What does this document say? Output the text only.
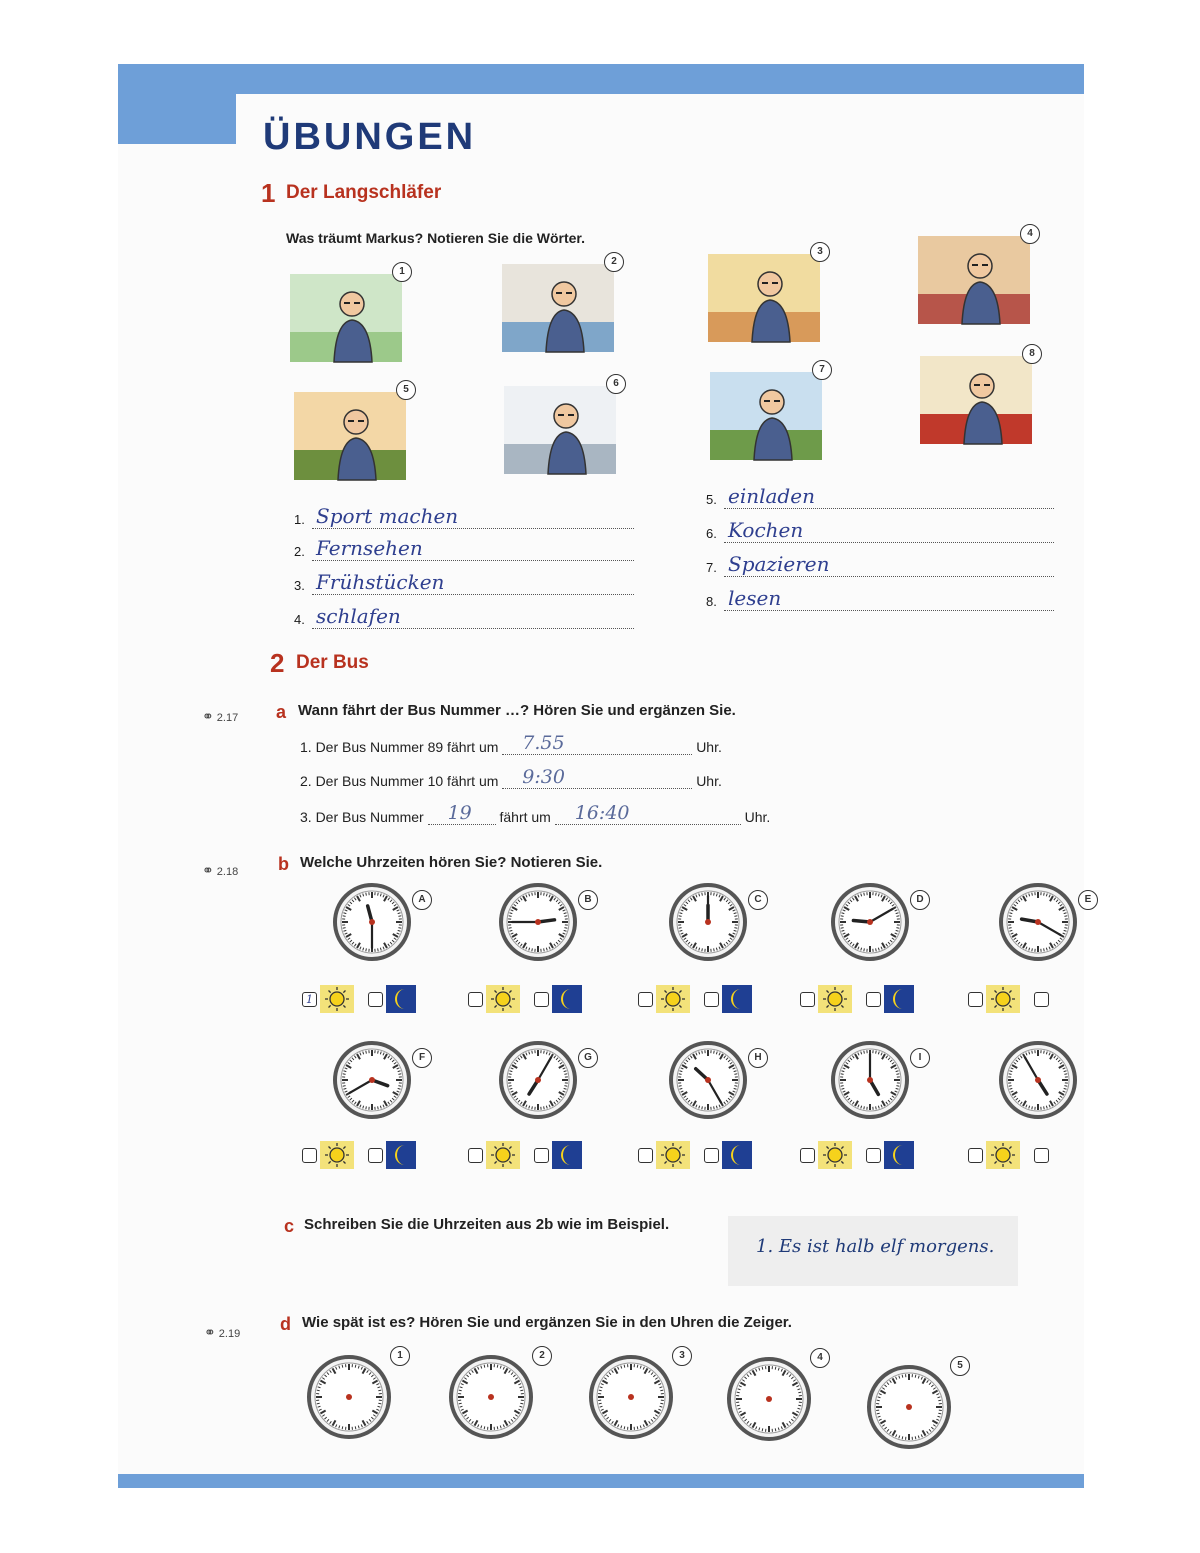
ÜBUNGEN
1 Der Langschläfer
Was träumt Markus? Notieren Sie die Wörter.
1
2
3
4
5
6
7
8
1. Sport machen
2. Fernsehen
3. Frühstücken
4. schlafen
5. einladen
6. Kochen
7. Spazieren
8. lesen
2 Der Bus
⚭ 2.17 a Wann fährt der Bus Nummer …? Hören Sie und ergänzen Sie.
1. Der Bus Nummer 89 fährt um 7.55	Uhr.
2. Der Bus Nummer 10 fährt um 9:30	Uhr.
3. Der Bus Nummer 19 fährt um 16:40	Uhr.
⚭ 2.18 b Welche Uhrzeiten hören Sie? Notieren Sie.
A
1
B	C	D	E
F	G	H	I
c Schreiben Sie die Uhrzeiten aus 2b wie im Beispiel.
1. Es ist halb elf morgens.
⚭ 2.19 d Wie spät ist es? Hören Sie und ergänzen Sie in den Uhren die Zeiger.
1	2	3	4
5
